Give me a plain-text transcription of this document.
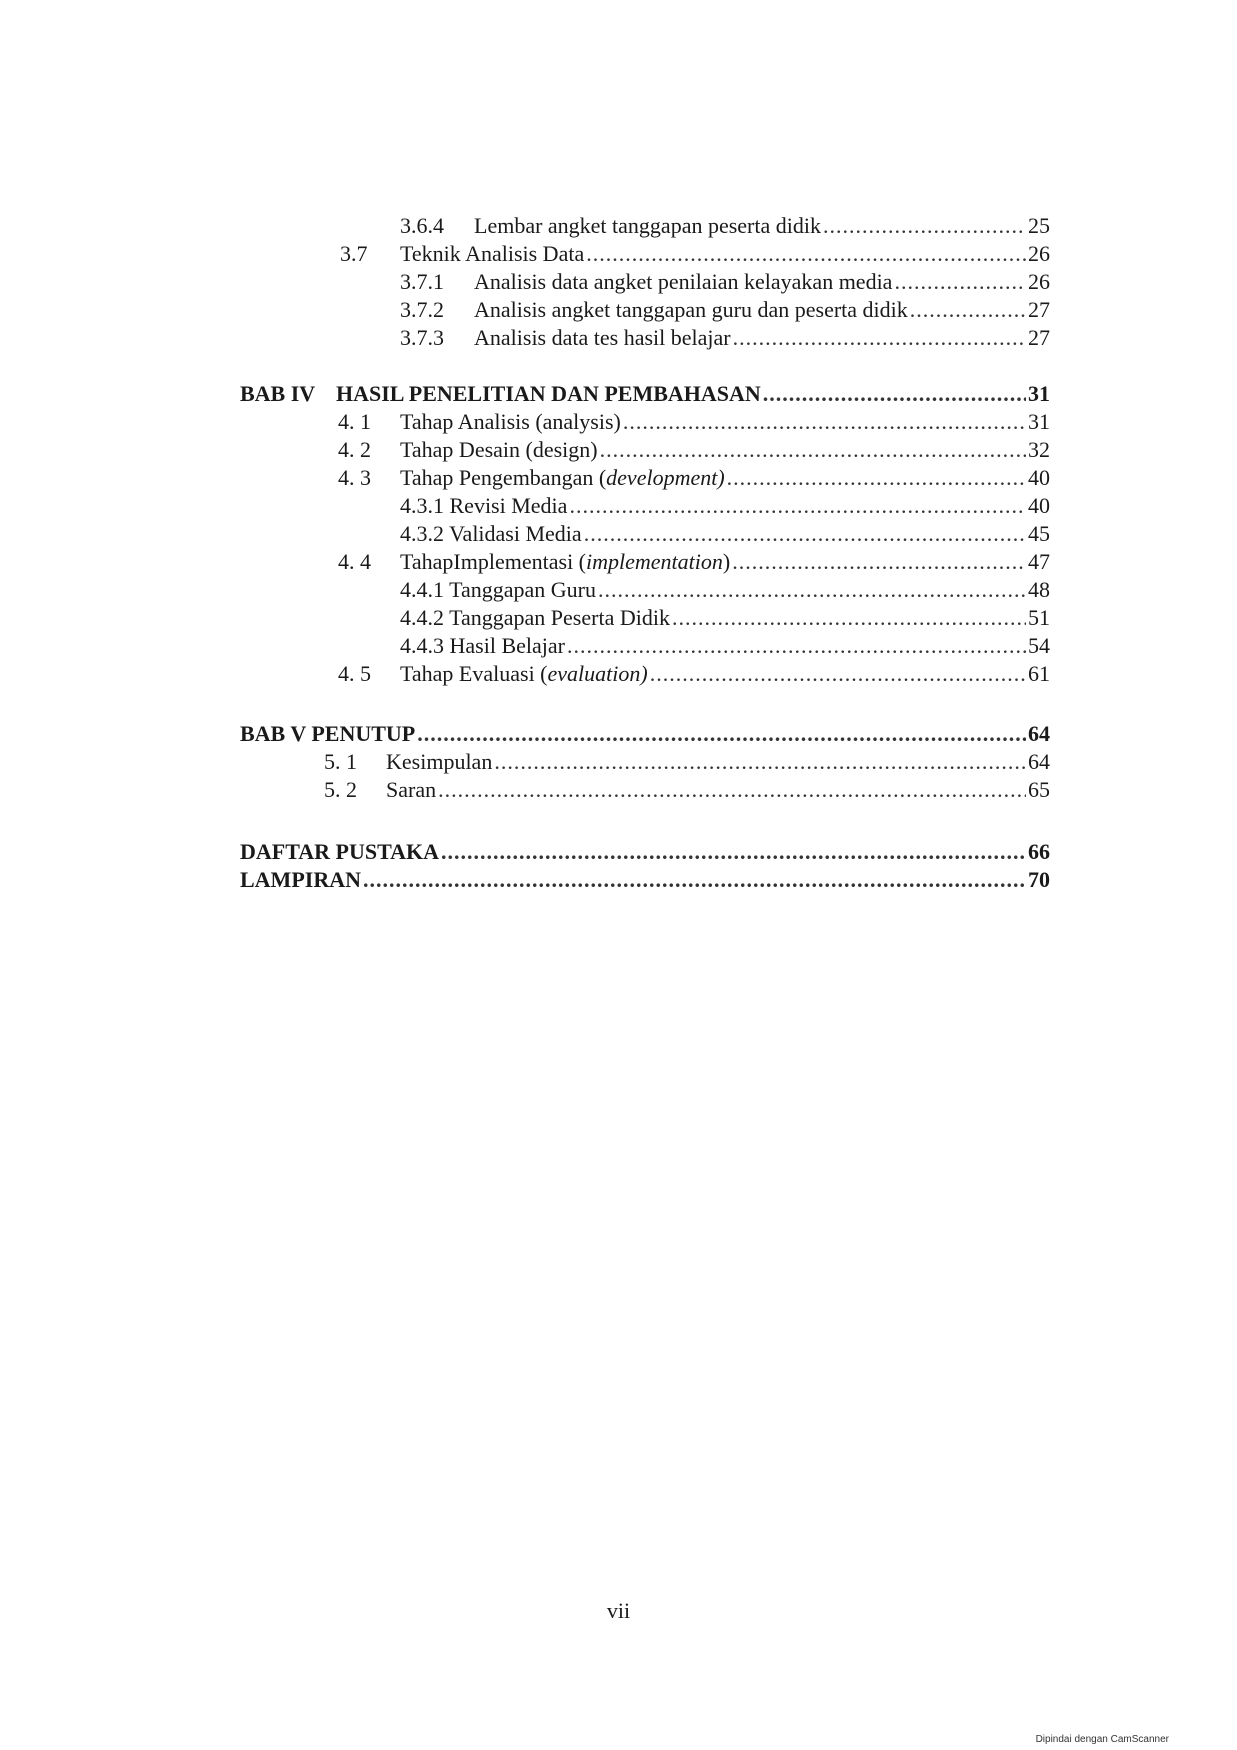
3.6.4	Lembar angket tanggapan peserta didik .....	25
3.7	Teknik Analisis Data .....	26
3.7.1	Analisis data angket penilaian kelayakan media .....	26
3.7.2	Analisis angket tanggapan guru dan peserta didik .....	27
3.7.3	Analisis data tes hasil belajar .....	27
BAB IV HASIL PENELITIAN DAN PEMBAHASAN .....	31
4. 1	Tahap Analisis (analysis) .....	31
4. 2	Tahap Desain (design) .....	32
4. 3	Tahap Pengembangan (development) .....	40
4.3.1 Revisi Media .....	40
4.3.2 Validasi Media .....	45
4. 4	TahapImplementasi (implementation) .....	47
4.4.1 Tanggapan Guru .....	48
4.4.2 Tanggapan Peserta Didik .....	51
4.4.3 Hasil Belajar .....	54
4. 5	Tahap Evaluasi (evaluation) .....	61
BAB V PENUTUP .....	64
5. 1	Kesimpulan .....	64
5. 2	Saran .....	65
DAFTAR PUSTAKA .....	66
LAMPIRAN .....	70
vii
Dipindai dengan CamScanner
